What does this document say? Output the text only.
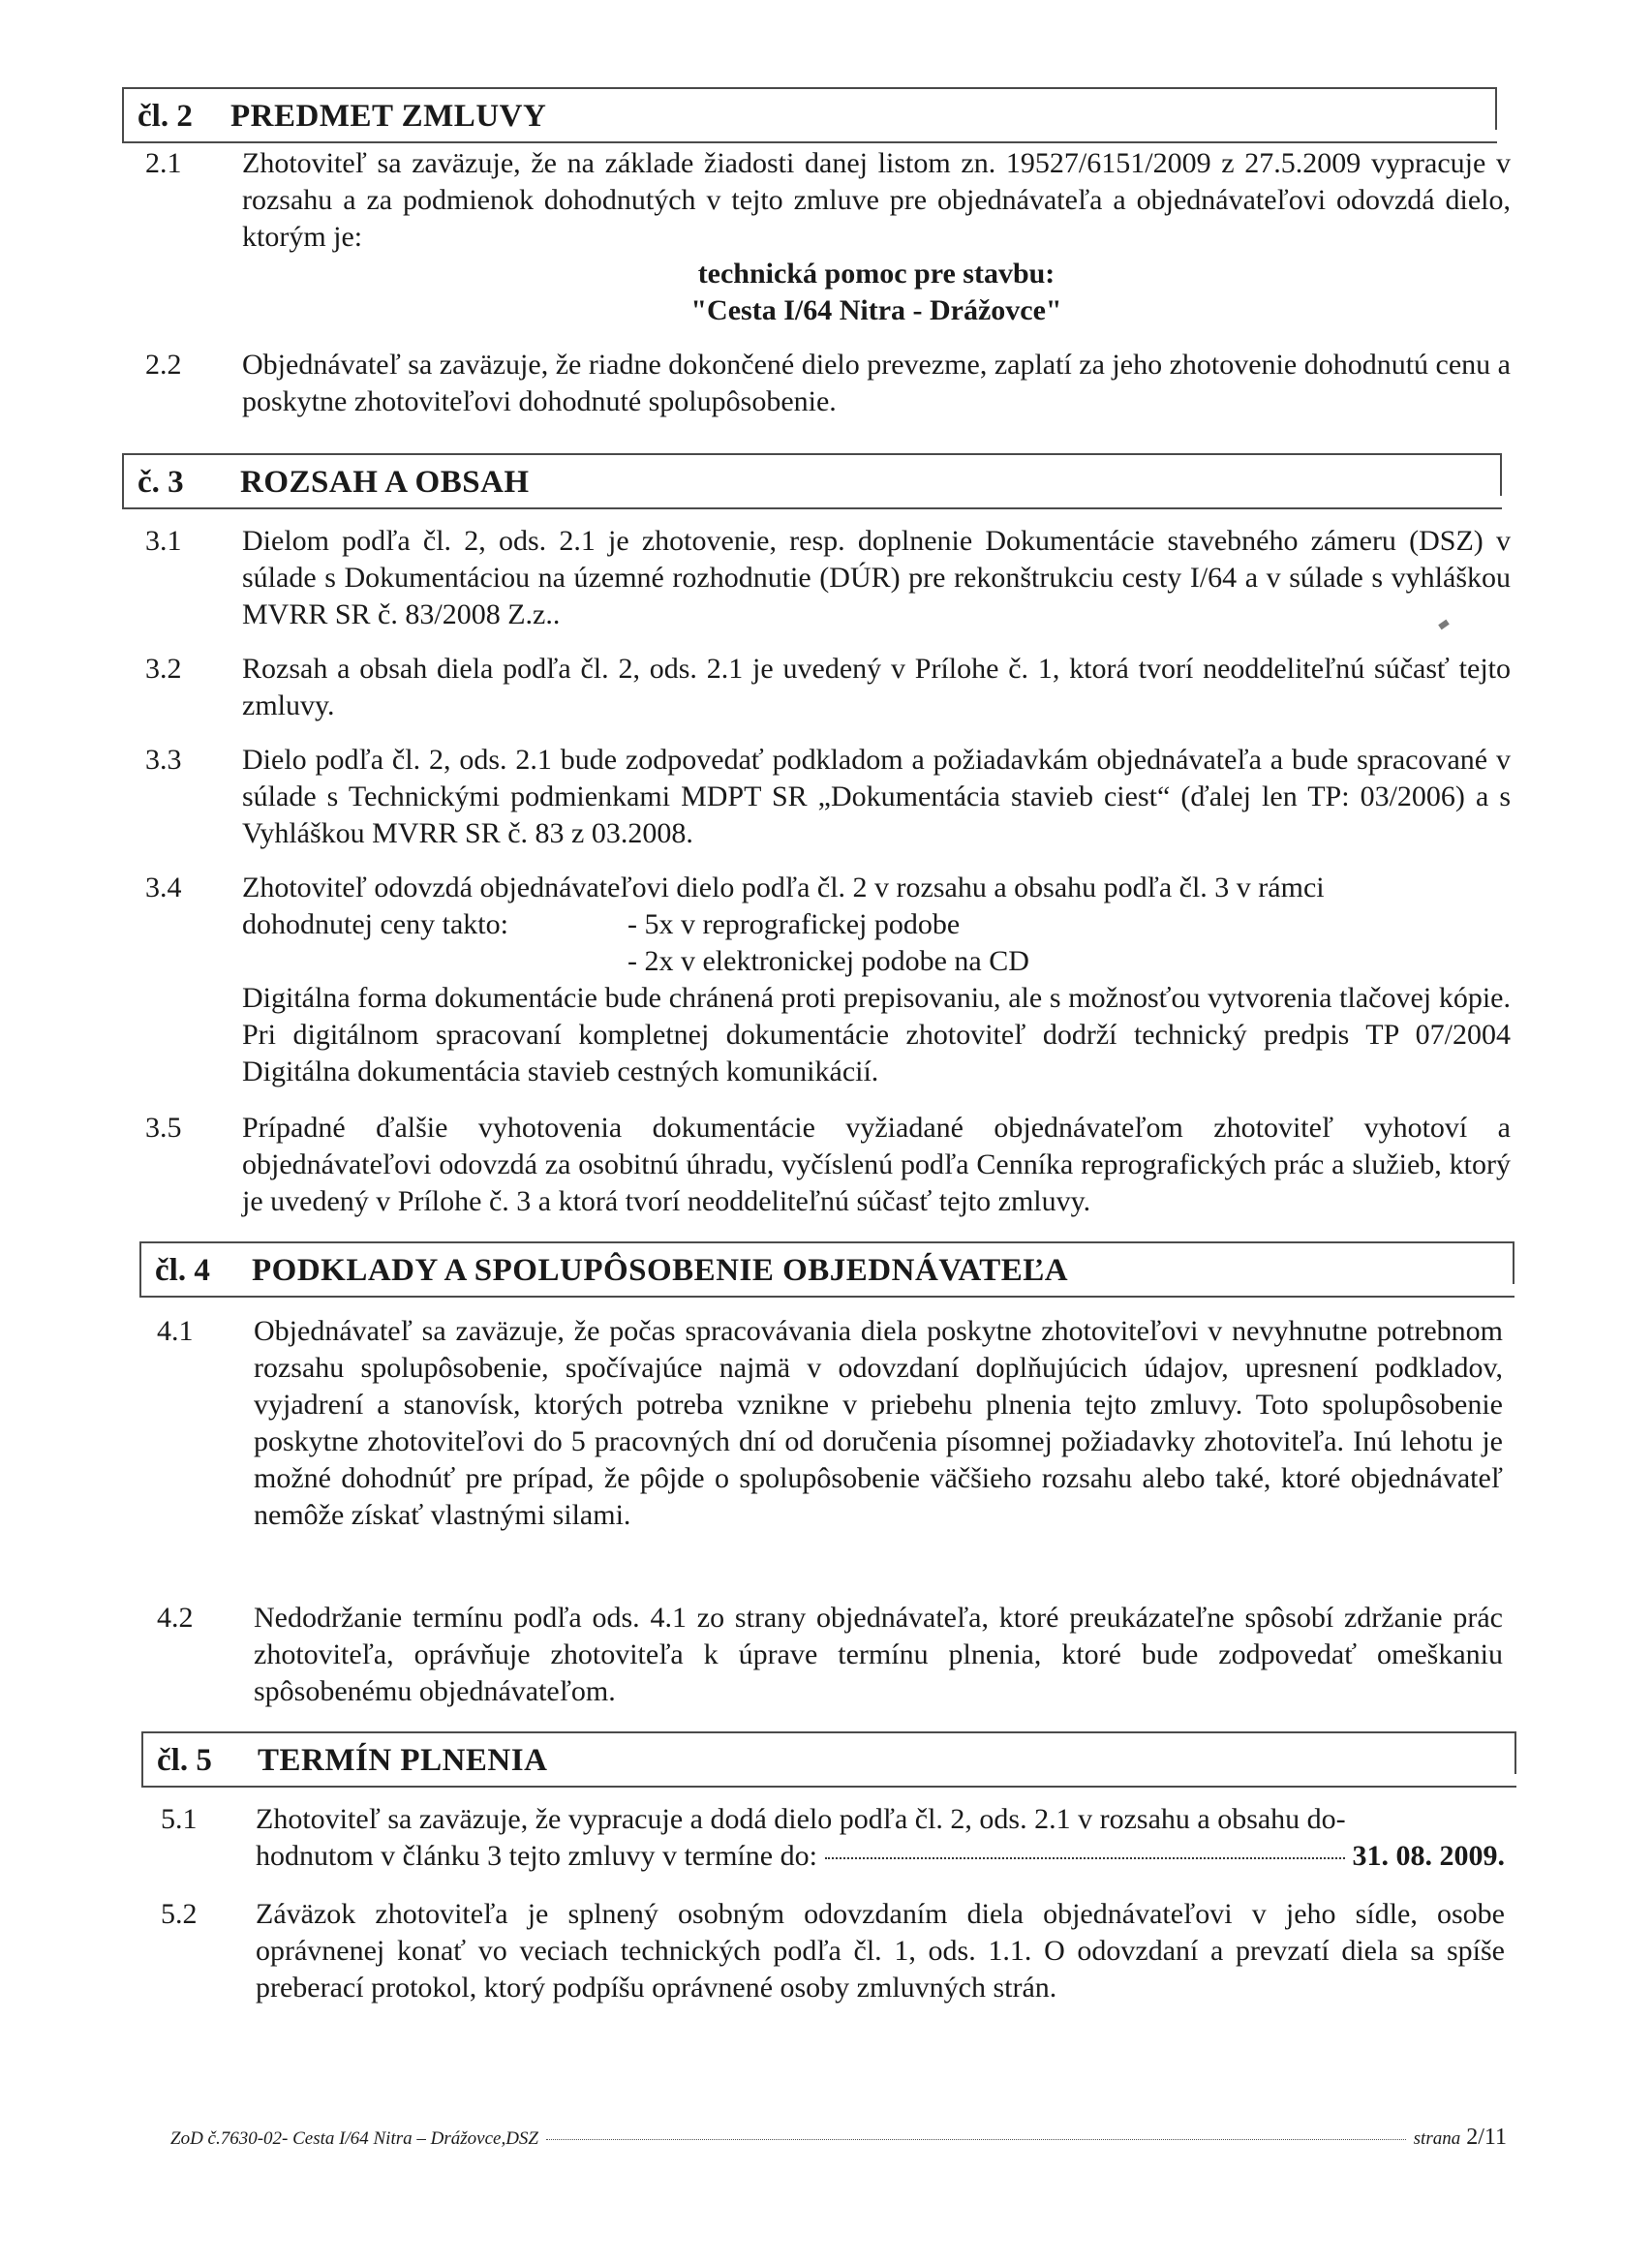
čl. 2 PREDMET ZMLUVY
2.1 Zhotoviteľ sa zaväzuje, že na základe žiadosti danej listom zn. 19527/6151/2009 z 27.5.2009 vypracuje v rozsahu a za podmienok dohodnutých v tejto zmluve pre objednávateľa a objednávateľovi odovzdá dielo, ktorým je:

technická pomoc pre stavbu:

"Cesta I/64 Nitra - Drážovce"

2.2 Objednávateľ sa zaväzuje, že riadne dokončené dielo prevezme, zaplatí za jeho zhotovenie dohodnutú cenu a poskytne zhotoviteľovi dohodnuté spolupôsobenie.

č. 3 ROZSAH A OBSAH
3.1 Dielom podľa čl. 2, ods. 2.1 je zhotovenie, resp. doplnenie Dokumentácie stavebného zámeru (DSZ) v súlade s Dokumentáciou na územné rozhodnutie (DÚR) pre rekonštrukciu cesty I/64 a v súlade s vyhláškou MVRR SR č. 83/2008 Z.z..

3.2 Rozsah a obsah diela podľa čl. 2, ods. 2.1 je uvedený v Prílohe č. 1, ktorá tvorí neoddeliteľnú súčasť tejto zmluvy.

3.3 Dielo podľa čl. 2, ods. 2.1 bude zodpovedať podkladom a požiadavkám objednávateľa a bude spracované v súlade s Technickými podmienkami MDPT SR „Dokumentácia stavieb ciest“ (ďalej len TP: 03/2006) a s Vyhláškou MVRR SR č. 83 z 03.2008.

3.4 Zhotoviteľ odovzdá objednávateľovi dielo podľa čl. 2 v rozsahu a obsahu podľa čl. 3 v rámci

dohodnutej ceny takto:	- 5x v reprografickej podobe
- 2x v elektronickej podobe na CD

Digitálna forma dokumentácie bude chránená proti prepisovaniu, ale s možnosťou vytvorenia tlačovej kópie. Pri digitálnom spracovaní kompletnej dokumentácie zhotoviteľ dodrží technický predpis TP 07/2004 Digitálna dokumentácia stavieb cestných komunikácií.

3.5 Prípadné ďalšie vyhotovenia dokumentácie vyžiadané objednávateľom zhotoviteľ vyhotoví a objednávateľovi odovzdá za osobitnú úhradu, vyčíslenú podľa Cenníka reprografických prác a služieb, ktorý je uvedený v Prílohe č. 3 a ktorá tvorí neoddeliteľnú súčasť tejto zmluvy.

čl. 4 PODKLADY A SPOLUPÔSOBENIE OBJEDNÁVATEĽA
4.1 Objednávateľ sa zaväzuje, že počas spracovávania diela poskytne zhotoviteľovi v nevyhnutne potrebnom rozsahu spolupôsobenie, spočívajúce najmä v odovzdaní doplňujúcich údajov, upresnení podkladov, vyjadrení a stanovísk, ktorých potreba vznikne v priebehu plnenia tejto zmluvy. Toto spolupôsobenie poskytne zhotoviteľovi do 5 pracovných dní od doručenia písomnej požiadavky zhotoviteľa. Inú lehotu je možné dohodnúť pre prípad, že pôjde o spolupôsobenie väčšieho rozsahu alebo také, ktoré objednávateľ nemôže získať vlastnými silami.

4.2 Nedodržanie termínu podľa ods. 4.1 zo strany objednávateľa, ktoré preukázateľne spôsobí zdržanie prác zhotoviteľa, oprávňuje zhotoviteľa k úprave termínu plnenia, ktoré bude zodpovedať omeškaniu spôsobenému objednávateľom.

čl. 5 TERMÍN PLNENIA
5.1 Zhotoviteľ sa zaväzuje, že vypracuje a dodá dielo podľa čl. 2, ods. 2.1 v rozsahu a obsahu do-

hodnutom v článku 3 tejto zmluvy v termíne do:	31. 08. 2009.
5.2 Záväzok zhotoviteľa je splnený osobným odovzdaním diela objednávateľovi v jeho sídle, osobe oprávnenej konať vo veciach technických podľa čl. 1, ods. 1.1. O odovzdaní a prevzatí diela sa spíše preberací protokol, ktorý podpíšu oprávnené osoby zmluvných strán.

ZoD č.7630-02- Cesta I/64 Nitra – Drážovce,DSZ	strana 2/11
